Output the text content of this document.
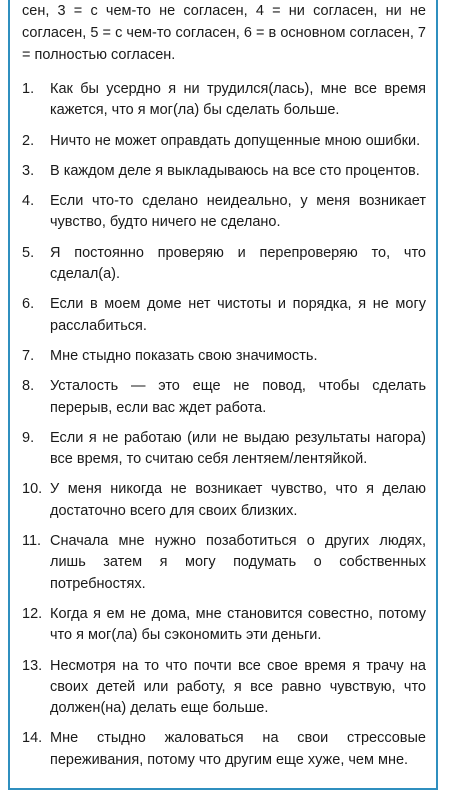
сен, 3 = с чем-то не согласен, 4 = ни согласен, ни не согласен, 5 = с чем-то согласен, 6 = в основном согласен, 7 = полностью согласен.

1.	Как бы усердно я ни трудился(лась), мне все время кажется, что я мог(ла) бы сделать больше.
2.	Ничто не может оправдать допущенные мною ошибки.
3.	В каждом деле я выкладываюсь на все сто процентов.
4.	Если что-то сделано неидеально, у меня возникает чувство, будто ничего не сделано.
5.	Я постоянно проверяю и перепроверяю то, что сделал(а).
6.	Если в моем доме нет чистоты и порядка, я не могу расслабиться.
7.	Мне стыдно показать свою значимость.
8.	Усталость — это еще не повод, чтобы сделать перерыв, если вас ждет работа.
9.	Если я не работаю (или не выдаю результаты нагора) все время, то считаю себя лентяем/лентяйкой.
10. У меня никогда не возникает чувство, что я делаю достаточно всего для своих близких.
11. Сначала мне нужно позаботиться о других людях, лишь затем я могу подумать о собственных потребностях.
12. Когда я ем не дома, мне становится совестно, потому что я мог(ла) бы сэкономить эти деньги.
13. Несмотря на то что почти все свое время я трачу на своих детей или работу, я все равно чувствую, что должен(на) делать еще больше.
14. Мне стыдно жаловаться на свои стрессовые переживания, потому что другим еще хуже, чем мне.
